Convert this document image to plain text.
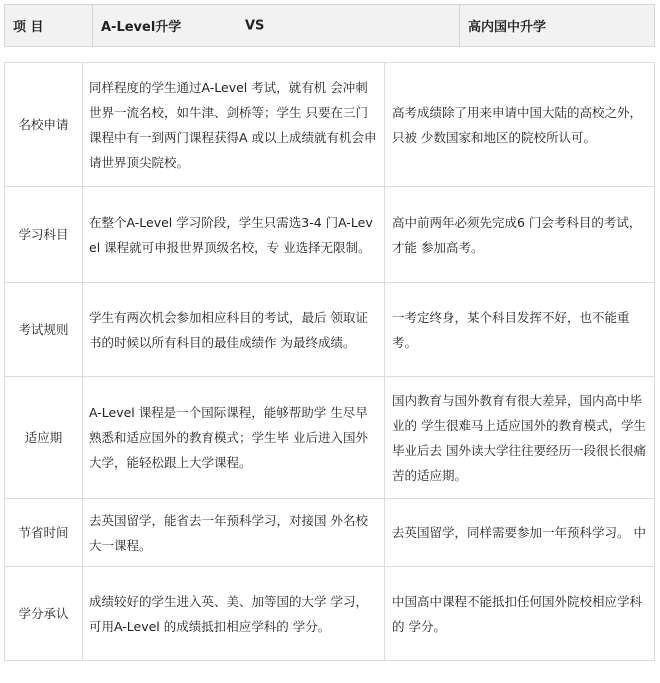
项 目	A-Level升学	VS	高内国中升学
名校申请	同样程度的学生通过A-Level 考试，就有机 会冲刺世界一流名校，如牛津、剑桥等；学生 只要在三门课程中有一到两门课程获得A 或以上成绩就有机会申请世界顶尖院校。	高考成绩除了用来申请中国大陆的高校之外，只被 少数国家和地区的院校所认可。
学习科目	在整个A-Level 学习阶段，学生只需选3-4 门A-Level 课程就可申报世界顶级名校，专 业选择无限制。	高中前两年必须先完成6 门会考科目的考试，才能 参加高考。
考试规则	学生有两次机会参加相应科目的考试，最后 领取证书的时候以所有科目的最佳成绩作 为最终成绩。	一考定终身，某个科目发挥不好，也不能重考。
适应期	A-Level 课程是一个国际课程，能够帮助学 生尽早熟悉和适应国外的教育模式；学生毕 业后进入国外大学，能轻松跟上大学课程。	国内教育与国外教育有很大差异，国内高中毕业的 学生很难马上适应国外的教育模式，学生毕业后去 国外读大学往往要经历一段很长很痛苦的适应期。
节省时间	去英国留学，能省去一年预科学习，对接国 外名校大一课程。	去英国留学，同样需要参加一年预科学习。 中
学分承认	成绩较好的学生进入英、美、加等国的大学 学习，可用A-Level 的成绩抵扣相应学科的 学分。	中国高中课程不能抵扣任何国外院校相应学科的 学分。
